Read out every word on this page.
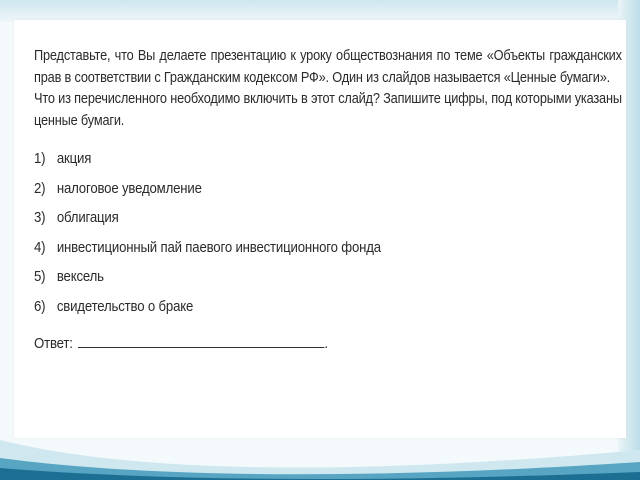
Представьте, что Вы делаете презентацию к уроку обществознания по теме «Объекты гражданских прав в соответствии с Гражданским кодексом РФ». Один из слайдов называется «Ценные бумаги».

Что из перечисленного необходимо включить в этот слайд? Запишите цифры, под которыми указаны ценные бумаги.

1) акция
2) налоговое уведомление
3) облигация
4) инвестиционный пай паевого инвестиционного фонда
5) вексель
6) свидетельство о браке
Ответ:	.
